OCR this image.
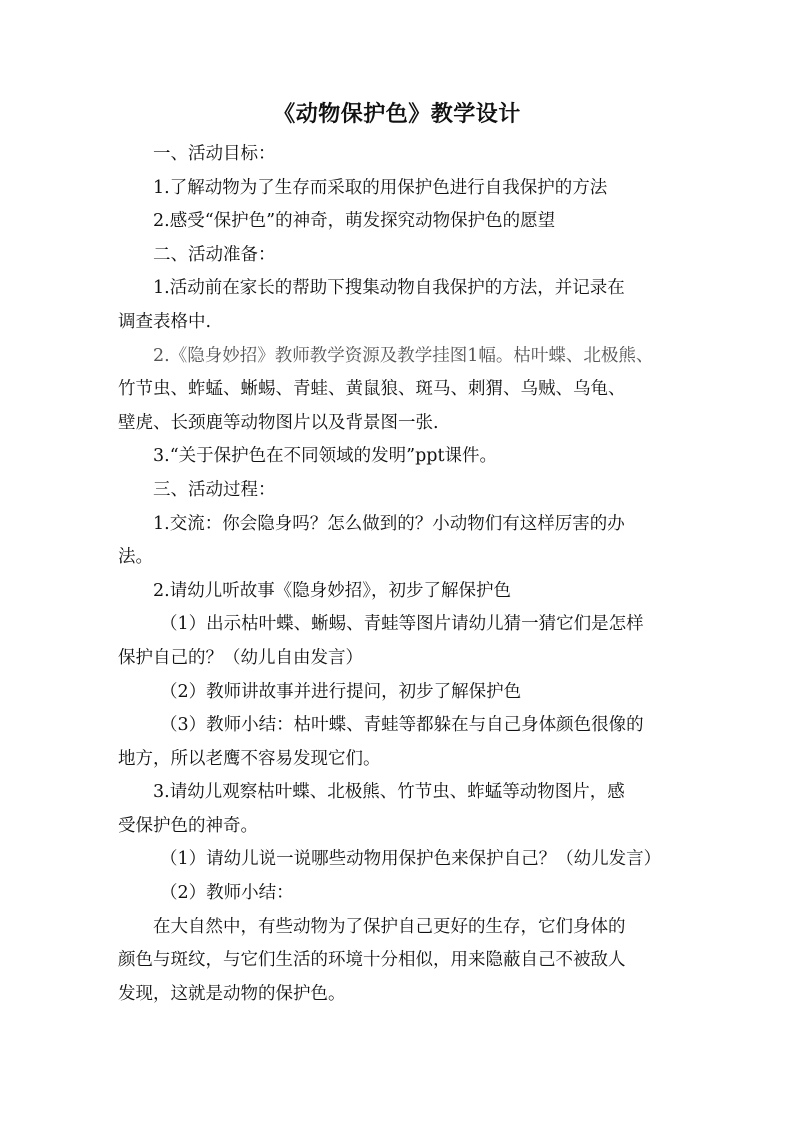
《动物保护色》教学设计
一、活动目标：
1.了解动物为了生存而采取的用保护色进行自我保护的方法
2.感受“保护色”的神奇，萌发探究动物保护色的愿望
二、活动准备：
1.活动前在家长的帮助下搜集动物自我保护的方法，并记录在
调查表格中.
2.《隐身妙招》教师教学资源及教学挂图1幅。枯叶蝶、北极熊、
竹节虫、蚱蜢、蜥蜴、青蛙、黄鼠狼、斑马、刺猬、乌贼、乌龟、
壁虎、长颈鹿等动物图片以及背景图一张.
3.“关于保护色在不同领域的发明”ppt课件。
三、活动过程：
1.交流：你会隐身吗？怎么做到的？小动物们有这样厉害的办
法。
2.请幼儿听故事《隐身妙招》，初步了解保护色
（1）出示枯叶蝶、蜥蜴、青蛙等图片请幼儿猜一猜它们是怎样
保护自己的？（幼儿自由发言）
（2）教师讲故事并进行提问，初步了解保护色
（3）教师小结：枯叶蝶、青蛙等都躲在与自己身体颜色很像的
地方，所以老鹰不容易发现它们。
3.请幼儿观察枯叶蝶、北极熊、竹节虫、蚱蜢等动物图片，感
受保护色的神奇。
（1）请幼儿说一说哪些动物用保护色来保护自己？（幼儿发言）
（2）教师小结：
在大自然中，有些动物为了保护自己更好的生存，它们身体的
颜色与斑纹，与它们生活的环境十分相似，用来隐蔽自己不被敌人
发现，这就是动物的保护色。
